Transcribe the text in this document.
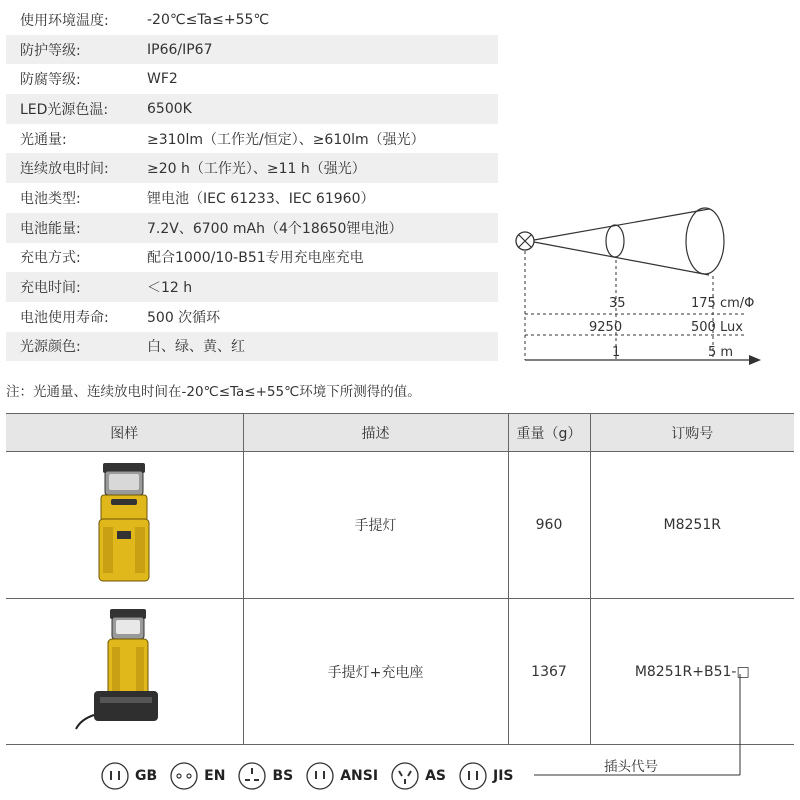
使用环境温度:	-20℃≤Ta≤+55℃
防护等级:	IP66/IP67
防腐等级:	WF2
LED光源色温:	6500K
光通量:	≥310lm（工作光/恒定）、≥610lm（强光）
连续放电时间:	≥20 h（工作光）、≥11 h（强光）
电池类型:	锂电池（IEC 61233、IEC 61960）
电池能量:	7.2V、6700 mAh（4个18650锂电池）
充电方式:	配合1000/10-B51专用充电座充电
充电时间:	＜12 h
电池使用寿命:	500 次循环
光源颜色:	白、绿、黄、红
35	175 cm/Φ
9250	500 Lux
1	5 m
注：光通量、连续放电时间在-20℃≤Ta≤+55℃环境下所测得的值。
图样	描述	重量（g）	订购号
	手提灯	960	M8251R
	手提灯+充电座	1367	M8251R+B51-□
插头代号
GB	EN	BS	ANSI	AS	JIS
